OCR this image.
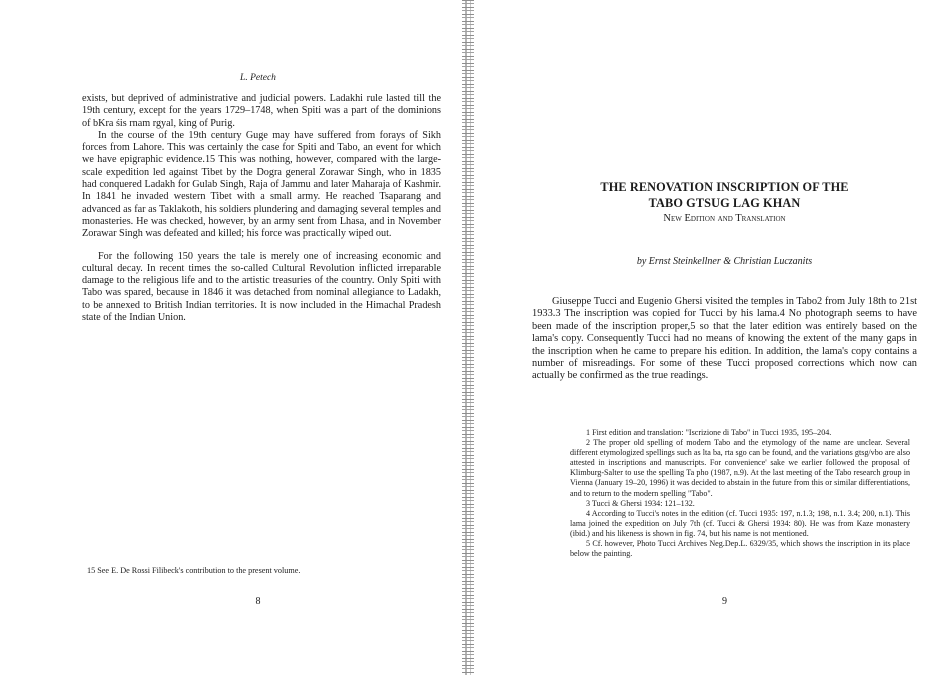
L. Petech

exists, but deprived of administrative and judicial powers. Ladakhi rule lasted till the 19th century, except for the years 1729–1748, when Spiti was a part of the dominions of bKra śis rnam rgyal, king of Purig.

In the course of the 19th century Guge may have suffered from forays of Sikh forces from Lahore. This was certainly the case for Spiti and Tabo, an event for which we have epigraphic evidence.15 This was nothing, however, compared with the large-scale expedition led against Tibet by the Dogra general Zorawar Singh, who in 1835 had conquered Ladakh for Gulab Singh, Raja of Jammu and later Maharaja of Kashmir. In 1841 he invaded western Tibet with a small army. He reached Tsaparang and advanced as far as Taklakoth, his soldiers plundering and damaging several temples and monasteries. He was checked, however, by an army sent from Lhasa, and in November Zorawar Singh was defeated and killed; his force was practically wiped out.

For the following 150 years the tale is merely one of increasing economic and cultural decay. In recent times the so-called Cultural Revolution inflicted irreparable damage to the religious life and to the artistic treasuries of the country. Only Spiti with Tabo was spared, because in 1846 it was detached from nominal allegiance to Ladakh, to be annexed to British Indian territories. It is now included in the Himachal Pradesh state of the Indian Union.

15 See E. De Rossi Filibeck's contribution to the present volume.
8
THE RENOVATION INSCRIPTION OF THE
TABO GTSUG LAG KHAN
New Edition and Translation
by Ernst Steinkellner & Christian Luczanits

Giuseppe Tucci and Eugenio Ghersi visited the temples in Tabo2 from July 18th to 21st 1933.3 The inscription was copied for Tucci by his lama.4 No photograph seems to have been made of the inscription proper,5 so that the later edition was entirely based on the lama's copy. Consequently Tucci had no means of knowing the extent of the many gaps in the inscription when he came to prepare his edition. In addition, the lama's copy contains a number of misreadings. For some of these Tucci proposed corrections which now can actually be confirmed as the true readings.

1 First edition and translation: "Iscrizione di Tabo" in Tucci 1935, 195–204.

2 The proper old spelling of modern Tabo and the etymology of the name are unclear. Several different etymologized spellings such as lta ba, rta sgo can be found, and the variations gtsg/vbo are also attested in inscriptions and manuscripts. For convenience' sake we earlier followed the proposal of Klimburg-Salter to use the spelling Ta pho (1987, n.9). At the last meeting of the Tabo research group in Vienna (January 19–20, 1996) it was decided to abstain in the future from this or similar differentiations, and to return to the modern spelling "Tabo".

3 Tucci & Ghersi 1934: 121–132.

4 According to Tucci's notes in the edition (cf. Tucci 1935: 197, n.1.3; 198, n.1. 3.4; 200, n.1). This lama joined the expedition on July 7th (cf. Tucci & Ghersi 1934: 80). He was from Kaze monastery (ibid.) and his likeness is shown in fig. 74, but his name is not mentioned.

5 Cf. however, Photo Tucci Archives Neg.Dep.L. 6329/35, which shows the inscription in its place below the painting.

9
